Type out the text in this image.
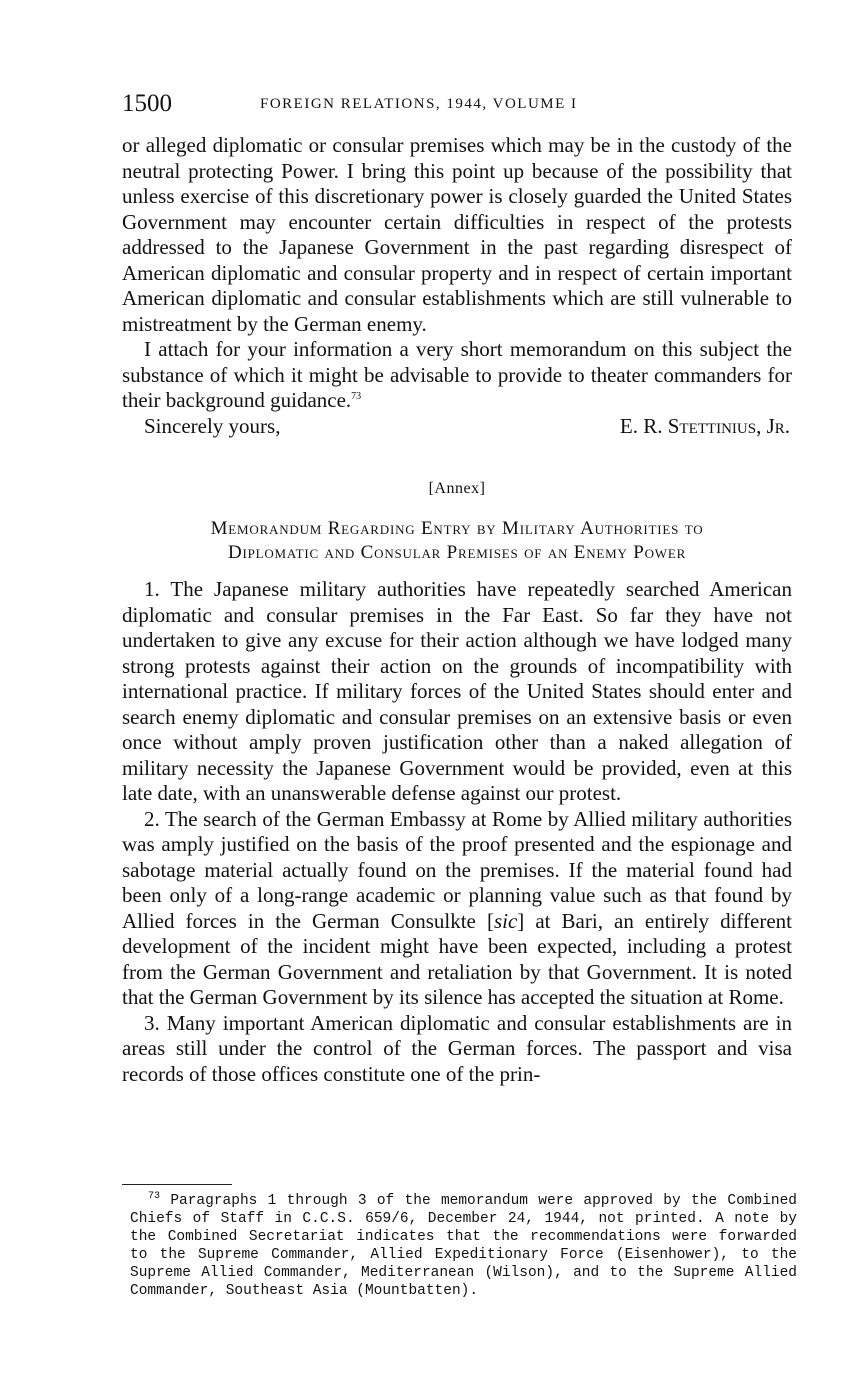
1500	FOREIGN RELATIONS, 1944, VOLUME I

or alleged diplomatic or consular premises which may be in the custody of the neutral protecting Power. I bring this point up because of the possibility that unless exercise of this discretionary power is closely guarded the United States Government may encounter certain difficulties in respect of the protests addressed to the Japanese Government in the past regarding disrespect of American diplomatic and consular property and in respect of certain important American diplomatic and consular establishments which are still vulnerable to mistreatment by the German enemy.

I attach for your information a very short memorandum on this subject the substance of which it might be advisable to provide to theater commanders for their background guidance.$^{73}$

Sincerely yours,	E. R. Stettinius, Jr.
[Annex]
Memorandum Regarding Entry by Military Authorities to
Diplomatic and Consular Premises of an Enemy Power

1. The Japanese military authorities have repeatedly searched American diplomatic and consular premises in the Far East. So far they have not undertaken to give any excuse for their action although we have lodged many strong protests against their action on the grounds of incompatibility with international practice. If military forces of the United States should enter and search enemy diplomatic and consular premises on an extensive basis or even once without amply proven justification other than a naked allegation of military necessity the Japanese Government would be provided, even at this late date, with an unanswerable defense against our protest.

2. The search of the German Embassy at Rome by Allied military authorities was amply justified on the basis of the proof presented and the espionage and sabotage material actually found on the premises. If the material found had been only of a long-range academic or planning value such as that found by Allied forces in the German Consulkte [sic] at Bari, an entirely different development of the incident might have been expected, including a protest from the German Government and retaliation by that Government. It is noted that the German Government by its silence has accepted the situation at Rome.

3. Many important American diplomatic and consular establishments are in areas still under the control of the German forces. The passport and visa records of those offices constitute one of the prin-

$^{73}$ Paragraphs 1 through 3 of the memorandum were approved by the Combined Chiefs of Staff in C.C.S. 659/6, December 24, 1944, not printed. A note by the Combined Secretariat indicates that the recommendations were forwarded to the Supreme Commander, Allied Expeditionary Force (Eisenhower), to the Supreme Allied Commander, Mediterranean (Wilson), and to the Supreme Allied Commander, Southeast Asia (Mountbatten).
